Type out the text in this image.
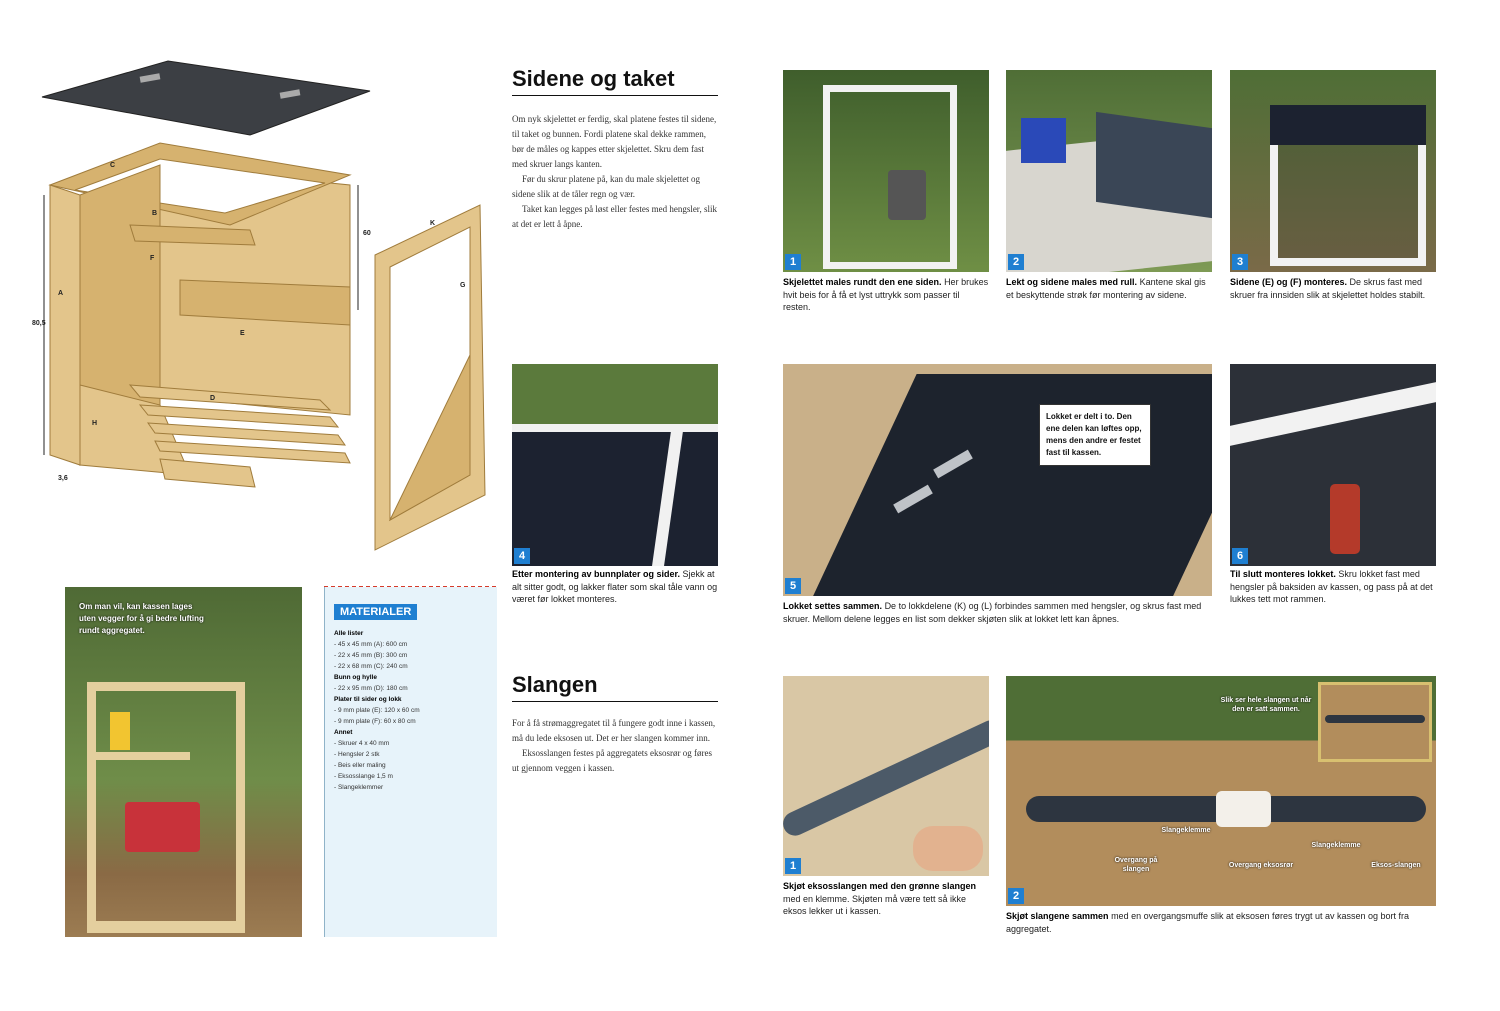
80,5
60
3,6
A
B
C
D
E
F
G
H
K
Om man vil, kan kassen lages uten vegger for å gi bedre lufting rundt aggregatet.
MATERIALER
Alle lister
- 45 x 45 mm (A): 600 cm
- 22 x 45 mm (B): 300 cm
- 22 x 68 mm (C): 240 cm
Bunn og hylle
- 22 x 95 mm (D): 180 cm
Plater til sider og lokk
- 9 mm plate (E): 120 x 60 cm
- 9 mm plate (F): 60 x 80 cm
Annet
- Skruer 4 x 40 mm
- Hengsler 2 stk
- Beis eller maling
- Eksosslange 1,5 m
- Slangeklemmer
Sidene og taket

Om nyk skjelettet er ferdig, skal platene festes til sidene, til taket og bunnen. Fordi platene skal dekke rammen, bør de måles og kappes etter skjelettet. Skru dem fast med skruer langs kanten.

Før du skrur platene på, kan du male skjelettet og sidene slik at de tåler regn og vær.

Taket kan legges på løst eller festes med hengsler, slik at det er lett å åpne.

4
Etter montering av bunnplater og sider. Sjekk at alt sitter godt, og lakker flater som skal tåle vann og været før lokket monteres.
Slangen

For å få strømaggregatet til å fungere godt inne i kassen, må du lede eksosen ut. Det er her slangen kommer inn.

Eksosslangen festes på aggregatets eksosrør og føres ut gjennom veggen i kassen.

1	2	3
Skjelettet males rundt den ene siden. Her brukes hvit beis for å få et lyst uttrykk som passer til resten.
Lekt og sidene males med rull. Kantene skal gis et beskyttende strøk før montering av sidene.
Sidene (E) og (F) monteres. De skrus fast med skruer fra innsiden slik at skjelettet holdes stabilt.
Lokket er delt i to. Den ene delen kan løftes opp, mens den andre er festet fast til kassen.
5
Lokket settes sammen. De to lokkdelene (K) og (L) forbindes sammen med hengsler, og skrus fast med skruer. Mellom delene legges en list som dekker skjøten slik at lokket lett kan åpnes.
6
Til slutt monteres lokket. Skru lokket fast med hengsler på baksiden av kassen, og pass på at det lukkes tett mot rammen.
1
Skjøt eksosslangen med den grønne slangen med en klemme. Skjøten må være tett så ikke eksos lekker ut i kassen.
Slik ser hele slangen ut når den er satt sammen.
Overgang på slangen
Slangeklemme
Overgang eksosrør
Slangeklemme
Eksos-slangen
2
Skjøt slangene sammen med en overgangsmuffe slik at eksosen føres trygt ut av kassen og bort fra aggregatet.
